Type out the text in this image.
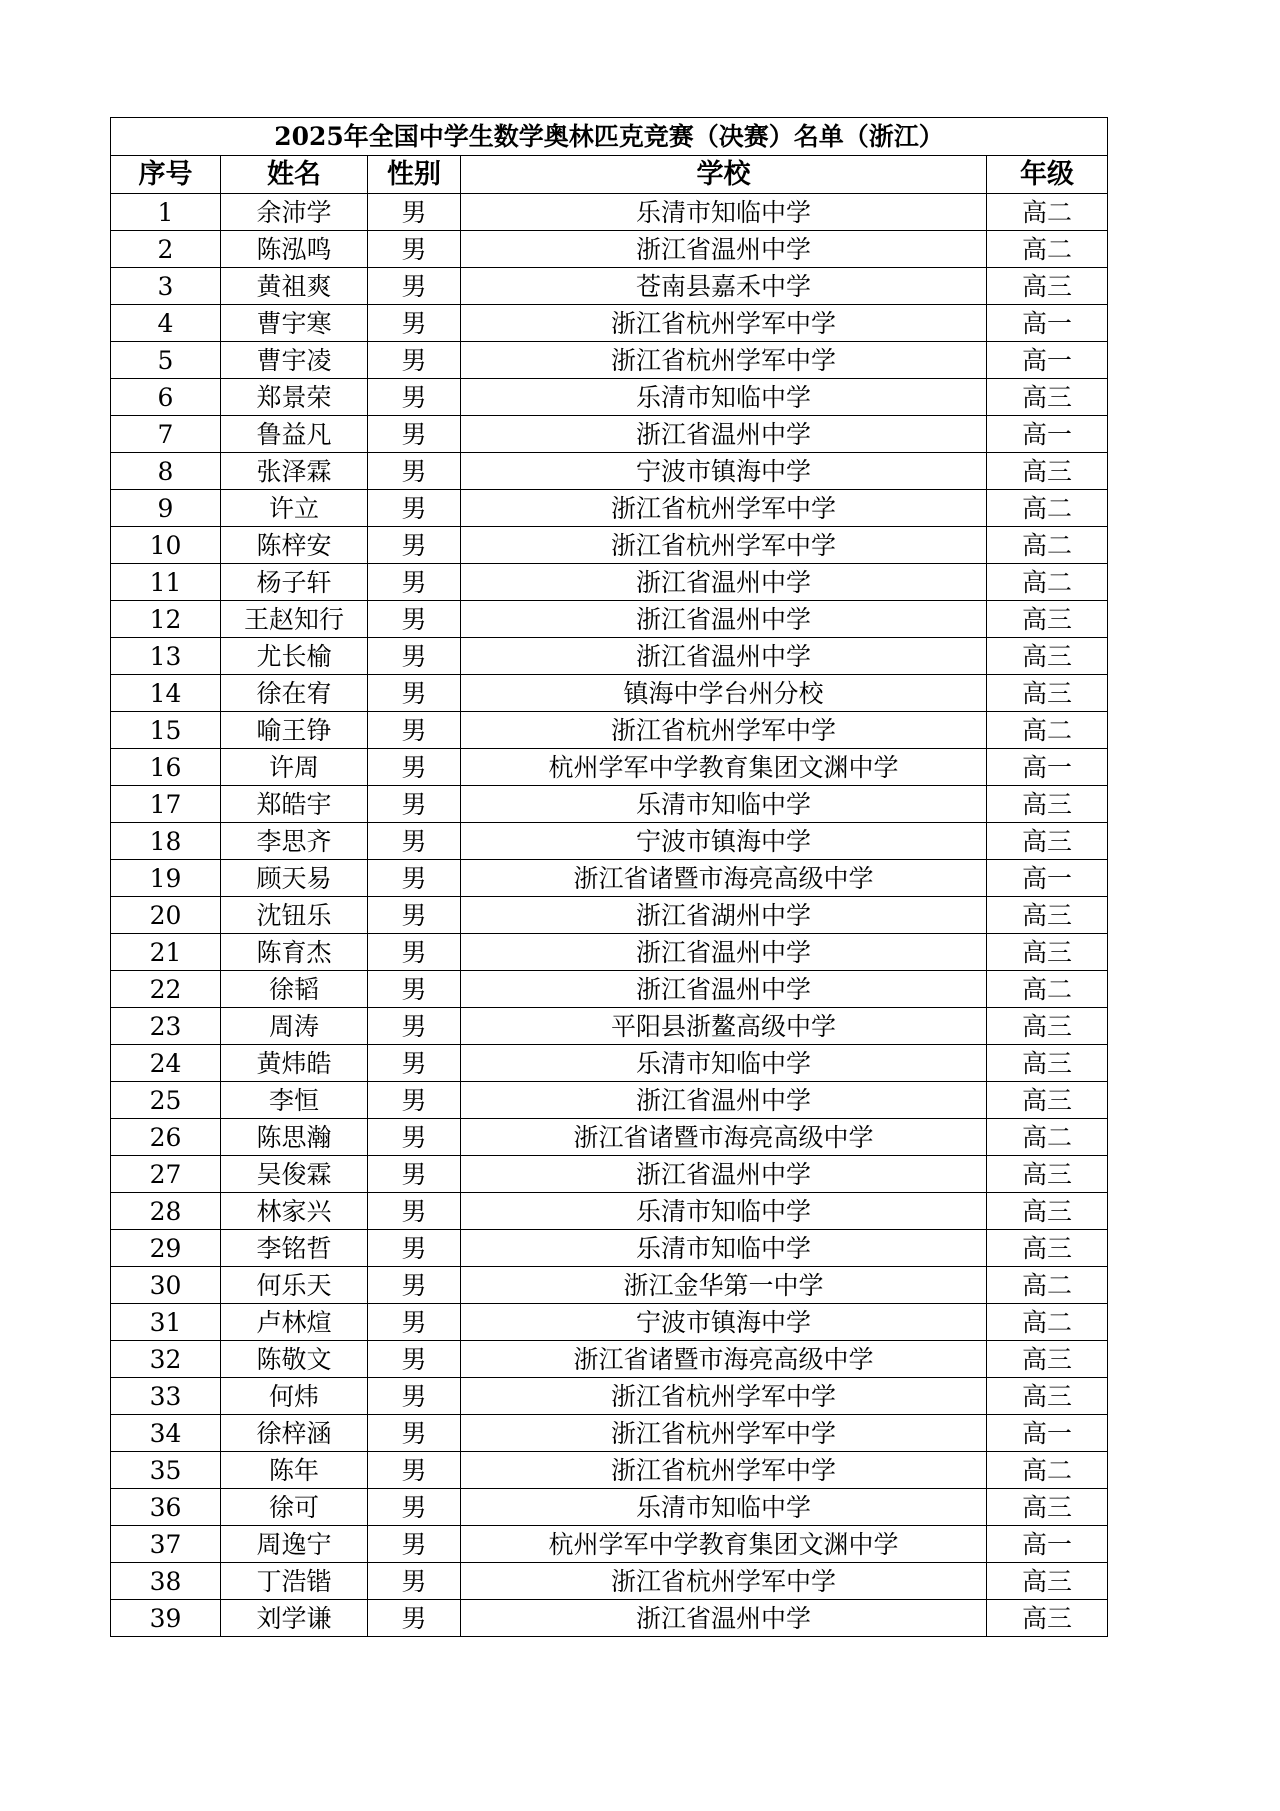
2025年全国中学生数学奥林匹克竞赛（决赛）名单（浙江）				
序号	姓名	性别	学校	年级
1	余沛学	男	乐清市知临中学	高二
2	陈泓鸣	男	浙江省温州中学	高二
3	黄祖爽	男	苍南县嘉禾中学	高三
4	曹宇寒	男	浙江省杭州学军中学	高一
5	曹宇凌	男	浙江省杭州学军中学	高一
6	郑景荣	男	乐清市知临中学	高三
7	鲁益凡	男	浙江省温州中学	高一
8	张泽霖	男	宁波市镇海中学	高三
9	许立	男	浙江省杭州学军中学	高二
10	陈梓安	男	浙江省杭州学军中学	高二
11	杨子轩	男	浙江省温州中学	高二
12	王赵知行	男	浙江省温州中学	高三
13	尤长榆	男	浙江省温州中学	高三
14	徐在宥	男	镇海中学台州分校	高三
15	喻王铮	男	浙江省杭州学军中学	高二
16	许周	男	杭州学军中学教育集团文渊中学	高一
17	郑皓宇	男	乐清市知临中学	高三
18	李思齐	男	宁波市镇海中学	高三
19	顾天易	男	浙江省诸暨市海亮高级中学	高一
20	沈钮乐	男	浙江省湖州中学	高三
21	陈育杰	男	浙江省温州中学	高三
22	徐韬	男	浙江省温州中学	高二
23	周涛	男	平阳县浙鳌高级中学	高三
24	黄炜皓	男	乐清市知临中学	高三
25	李恒	男	浙江省温州中学	高三
26	陈思瀚	男	浙江省诸暨市海亮高级中学	高二
27	吴俊霖	男	浙江省温州中学	高三
28	林家兴	男	乐清市知临中学	高三
29	李铭哲	男	乐清市知临中学	高三
30	何乐天	男	浙江金华第一中学	高二
31	卢林煊	男	宁波市镇海中学	高二
32	陈敬文	男	浙江省诸暨市海亮高级中学	高三
33	何炜	男	浙江省杭州学军中学	高三
34	徐梓涵	男	浙江省杭州学军中学	高一
35	陈年	男	浙江省杭州学军中学	高二
36	徐可	男	乐清市知临中学	高三
37	周逸宁	男	杭州学军中学教育集团文渊中学	高一
38	丁浩锴	男	浙江省杭州学军中学	高三
39	刘学谦	男	浙江省温州中学	高三
